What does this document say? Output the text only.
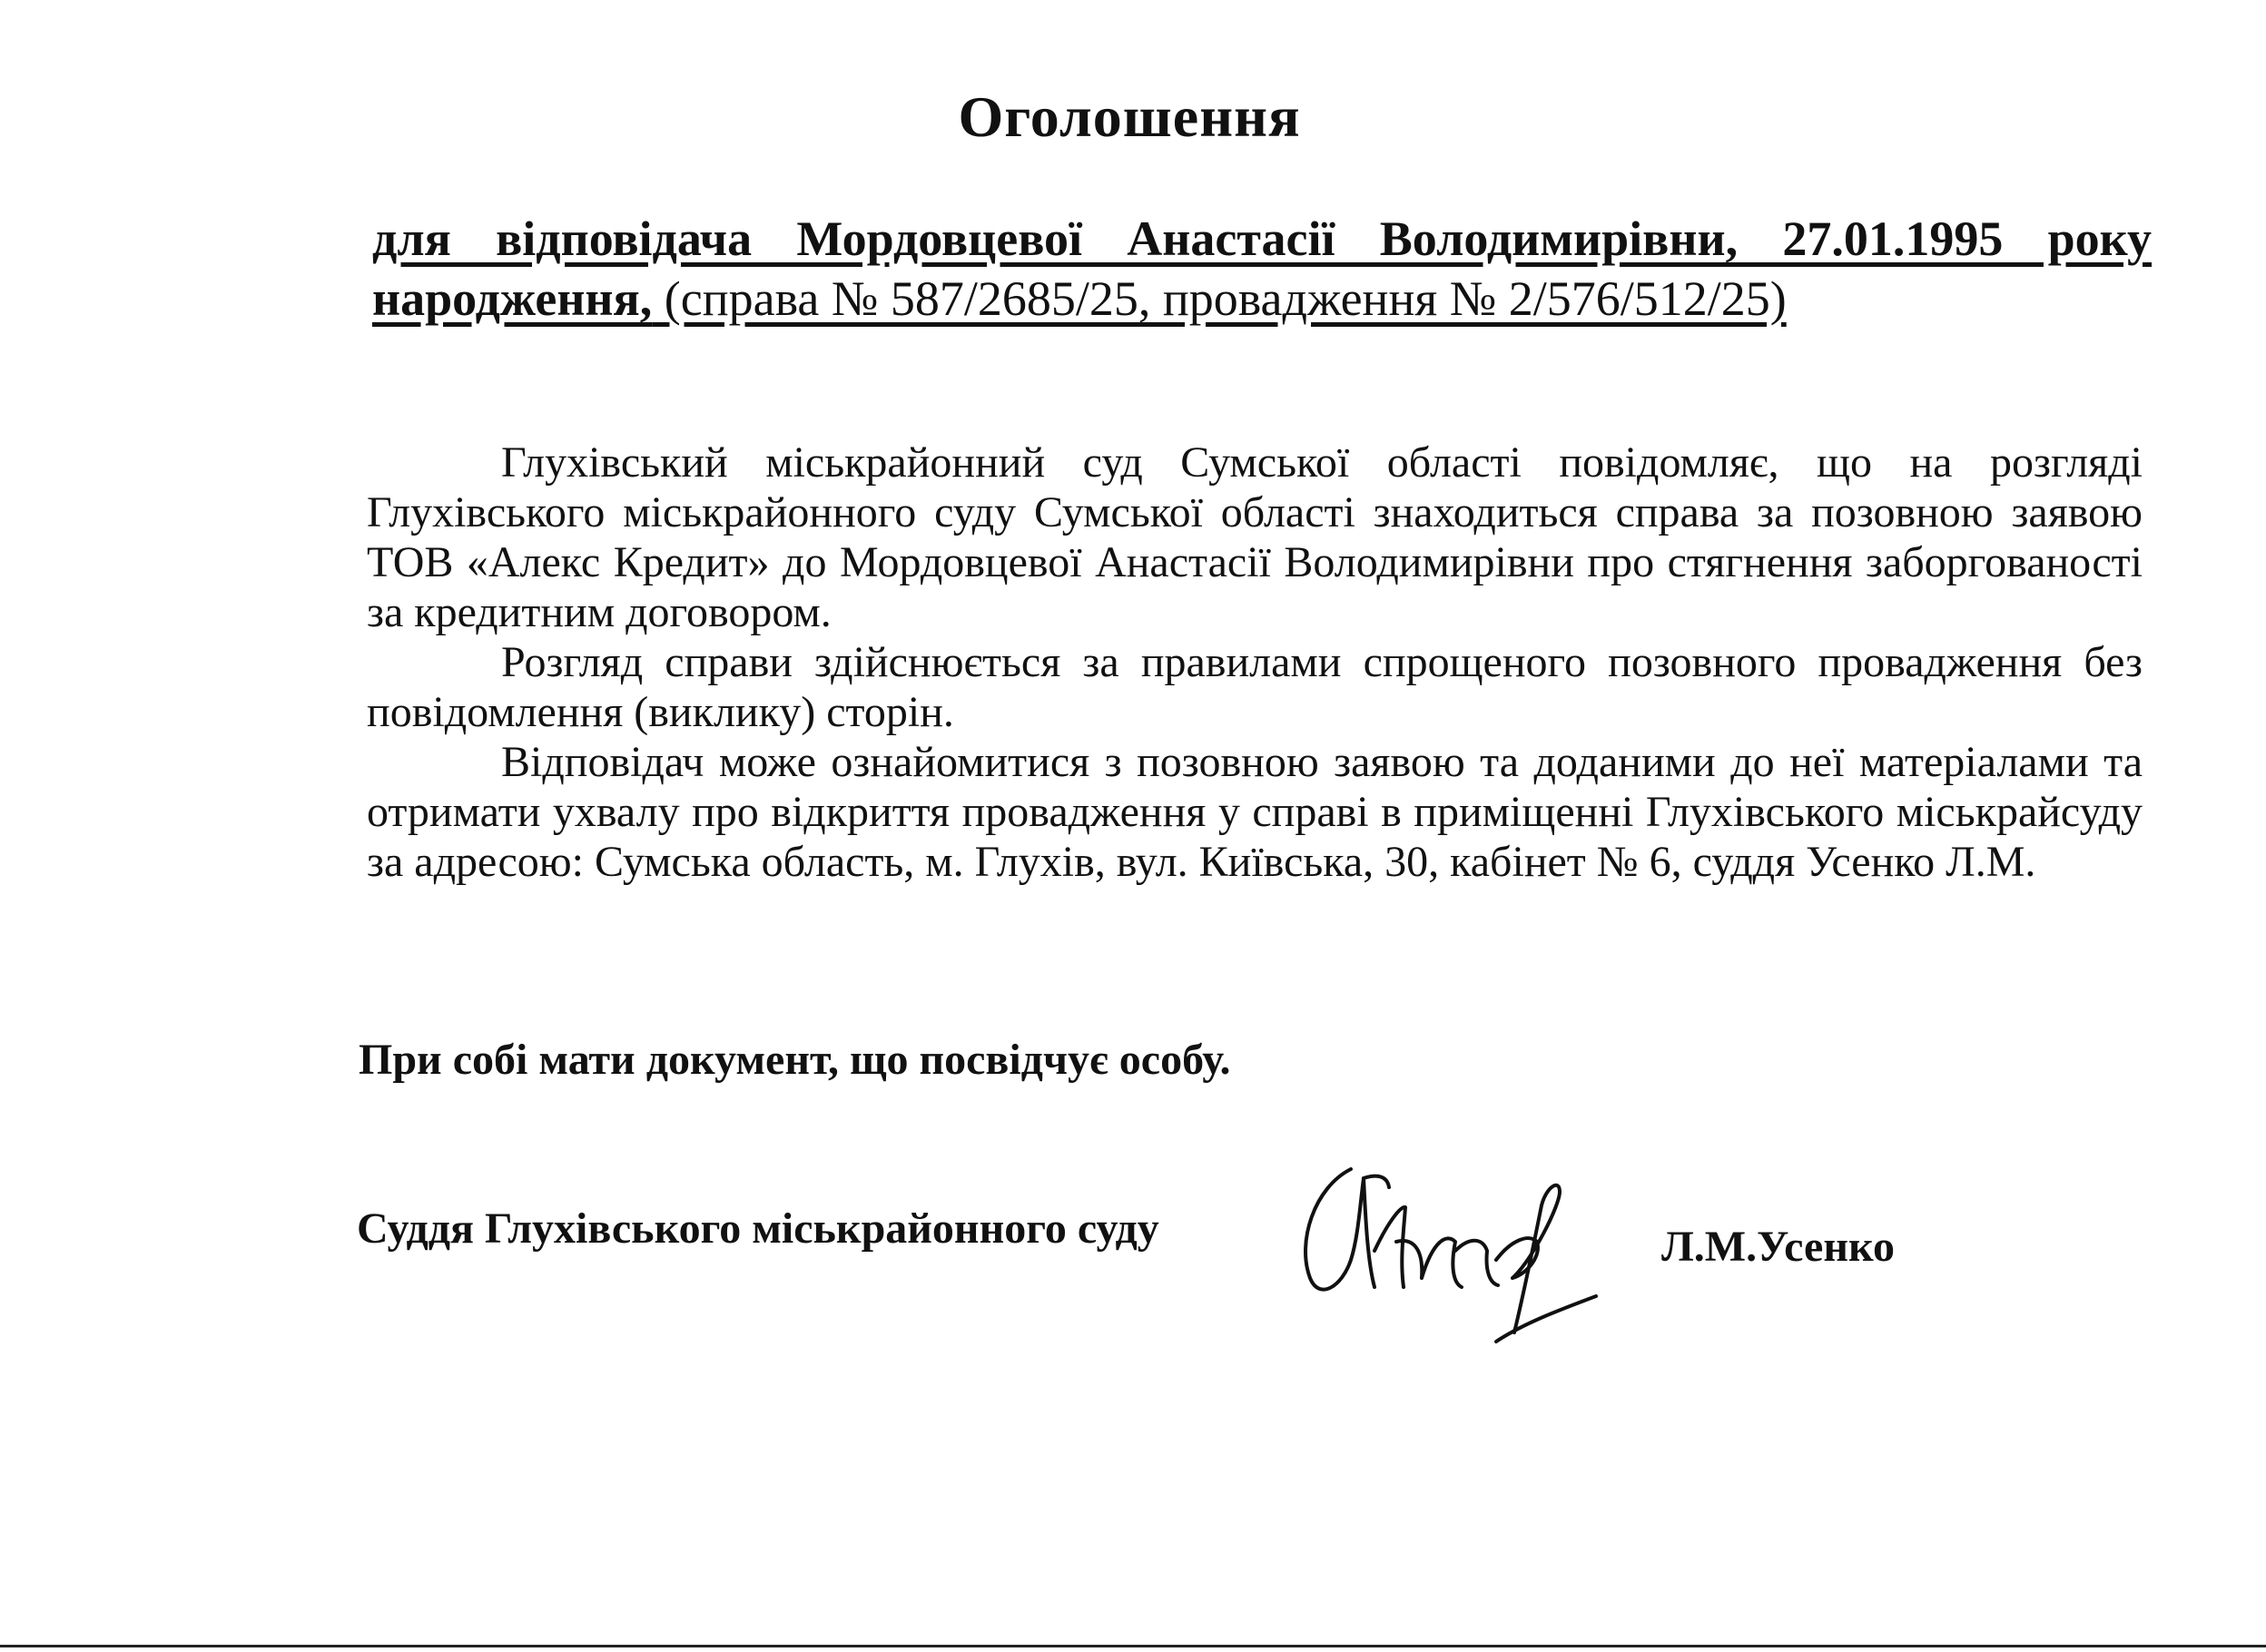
Оголошення
для відповідача Мордовцевої Анастасії Володимирівни, 27.01.1995 року народження, (справа № 587/2685/25, провадження № 2/576/512/25)

Глухівський міськрайонний суд Сумської області повідомляє, що на розгляді Глухівського міськрайонного суду Сумської області знаходиться справа за позовною заявою ТОВ «Алекс Кредит» до Мордовцевої Анастасії Володимирівни про стягнення заборгованості за кредитним договором.

Розгляд справи здійснюється за правилами спрощеного позовного провадження без повідомлення (виклику) сторін.

Відповідач може ознайомитися з позовною заявою та доданими до неї матеріалами та отримати ухвалу про відкриття провадження у справі в приміщенні Глухівського міськрайсуду за адресою: Сумська область, м. Глухів, вул. Київська, 30, кабінет № 6, суддя Усенко Л.М.

При собі мати документ, що посвідчує особу.
Суддя Глухівського міськрайонного суду	Л.М.Усенко
